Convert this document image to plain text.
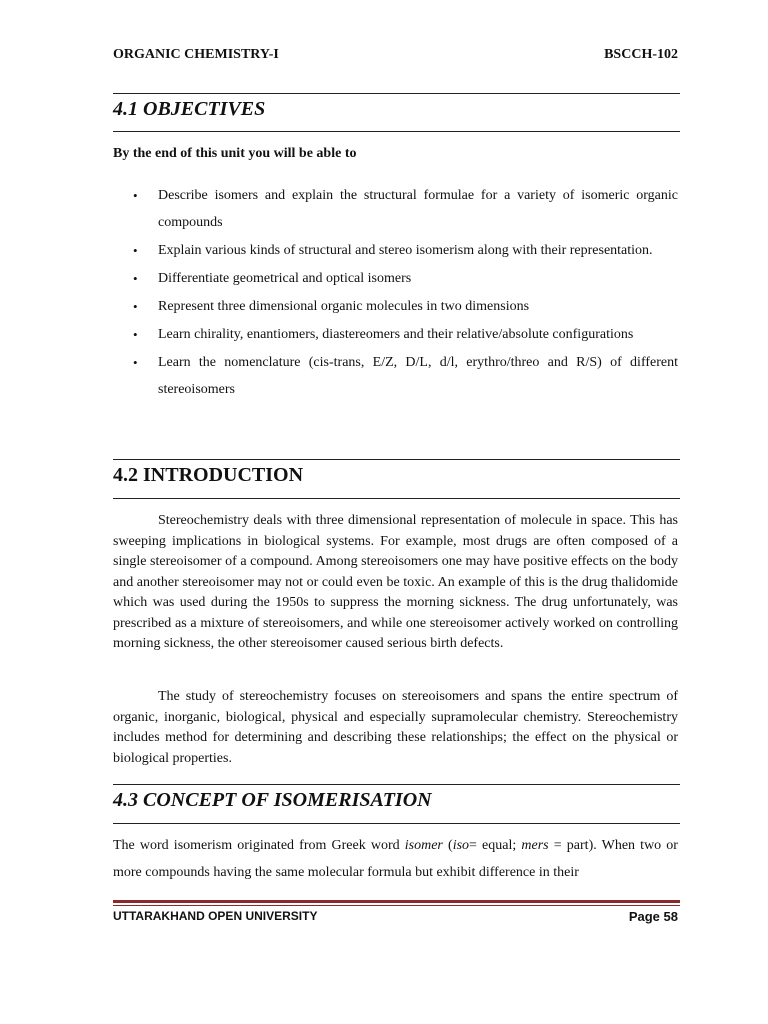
ORGANIC CHEMISTRY-I	BSCCH-102
4.1 OBJECTIVES
By the end of this unit you will be able to
• Describe isomers and explain the structural formulae for a variety of isomeric organic compounds
• Explain various kinds of structural and stereo isomerism along with their representation.
• Differentiate geometrical and optical isomers
• Represent three dimensional organic molecules in two dimensions
• Learn chirality, enantiomers, diastereomers and their relative/absolute configurations
• Learn the nomenclature (cis-trans, E/Z, D/L, d/l, erythro/threo and R/S) of different stereoisomers
4.2 INTRODUCTION

Stereochemistry deals with three dimensional representation of molecule in space. This has sweeping implications in biological systems. For example, most drugs are often composed of a single stereoisomer of a compound. Among stereoisomers one may have positive effects on the body and another stereoisomer may not or could even be toxic. An example of this is the drug thalidomide which was used during the 1950s to suppress the morning sickness. The drug unfortunately, was prescribed as a mixture of stereoisomers, and while one stereoisomer actively worked on controlling morning sickness, the other stereoisomer caused serious birth defects.

The study of stereochemistry focuses on stereoisomers and spans the entire spectrum of organic, inorganic, biological, physical and especially supramolecular chemistry. Stereochemistry includes method for determining and describing these relationships; the effect on the physical or biological properties.

4.3 CONCEPT OF ISOMERISATION

The word isomerism originated from Greek word isomer (iso= equal; mers = part). When two or more compounds having the same molecular formula but exhibit difference in their

UTTARAKHAND OPEN UNIVERSITY	Page 58
